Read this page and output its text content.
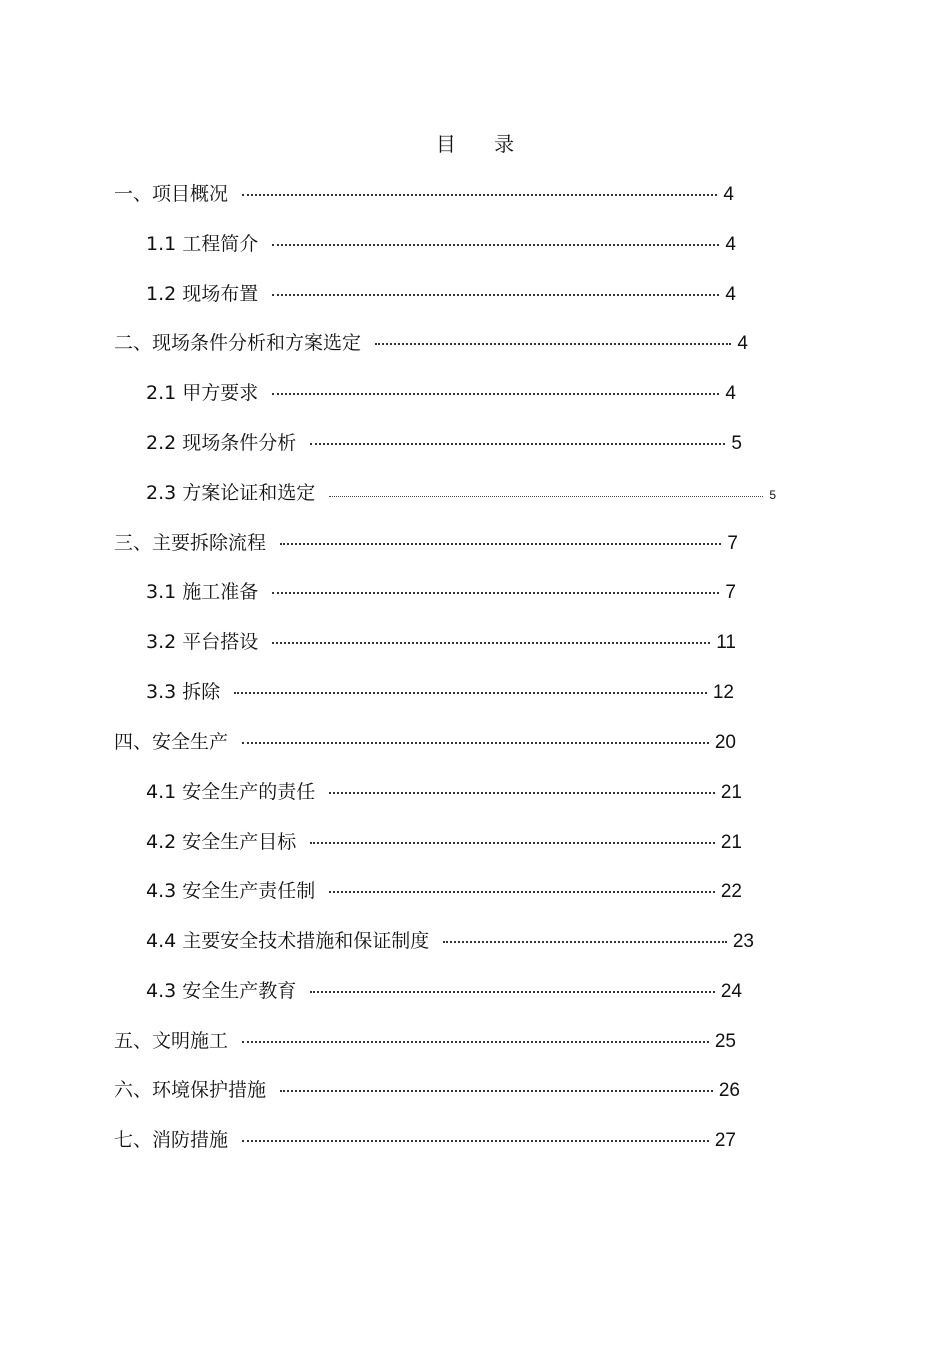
目      录
一、项目概况	4
1.1 工程简介	4
1.2 现场布置	4
二、现场条件分析和方案选定	4
2.1 甲方要求	4
2.2 现场条件分析	5
2.3 方案论证和选定	5
三、主要拆除流程	7
3.1 施工准备	7
3.2 平台搭设	11
3.3 拆除	12
四、安全生产	20
4.1 安全生产的责任	21
4.2 安全生产目标	21
4.3 安全生产责任制	22
4.4 主要安全技术措施和保证制度	23
4.3 安全生产教育	24
五、文明施工	25
六、环境保护措施	26
七、消防措施	27
